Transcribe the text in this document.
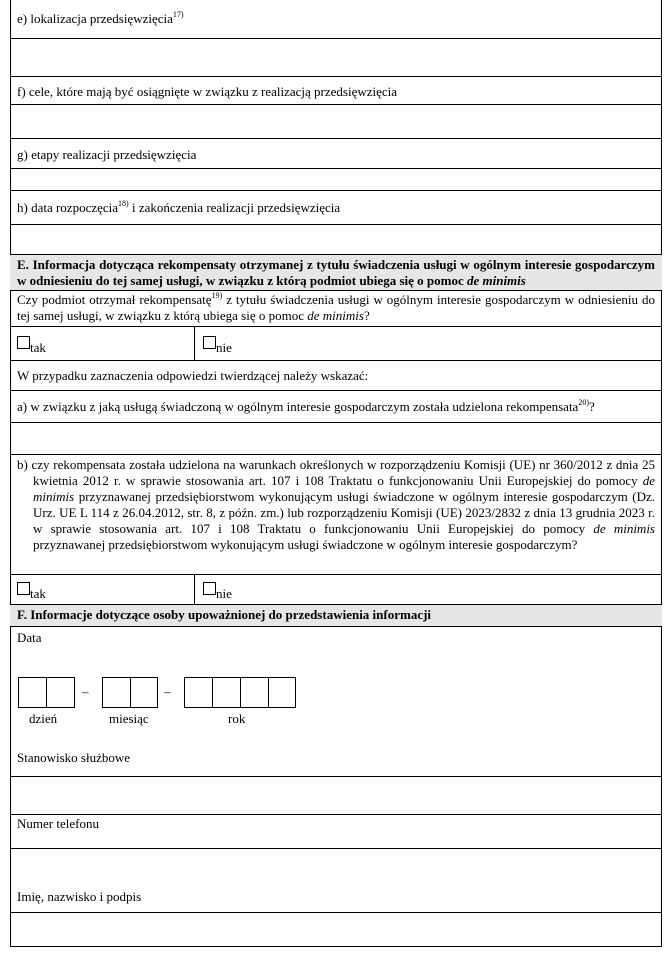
e) lokalizacja przedsięwzięcia$^{17)}$
f) cele, które mają być osiągnięte w związku z realizacją przedsięwzięcia
g) etapy realizacji przedsięwzięcia
h) data rozpoczęcia$^{18)}$ i zakończenia realizacji przedsięwzięcia
E. Informacja dotycząca rekompensaty otrzymanej z tytułu świadczenia usługi w ogólnym interesie gospodarczym w odniesieniu do tej samej usługi, w związku z którą podmiot ubiega się o pomoc de minimis
Czy podmiot otrzymał rekompensatę$^{19)}$ z tytułu świadczenia usługi w ogólnym interesie gospodarczym w odniesieniu do tej samej usługi, w związku z którą ubiega się o pomoc de minimis?
tak	nie
W przypadku zaznaczenia odpowiedzi twierdzącej należy wskazać:
a) w związku z jaką usługą świadczoną w ogólnym interesie gospodarczym została udzielona rekompensata$^{20)}$?
b) czy rekompensata została udzielona na warunkach określonych w rozporządzeniu Komisji (UE) nr 360/2012 z dnia 25 kwietnia 2012 r. w sprawie stosowania art. 107 i 108 Traktatu o funkcjonowaniu Unii Europejskiej do pomocy de minimis przyznawanej przedsiębiorstwom wykonującym usługi świadczone w ogólnym interesie gospodarczym (Dz. Urz. UE L 114 z 26.04.2012, str. 8, z późn. zm.) lub rozporządzeniu Komisji (UE) 2023/2832 z dnia 13 grudnia 2023 r. w sprawie stosowania art. 107 i 108 Traktatu o funkcjonowaniu Unii Europejskiej do pomocy de minimis przyznawanej przedsiębiorstwom wykonującym usługi świadczone w ogólnym interesie gospodarczym?
tak	nie
F. Informacje dotyczące osoby upoważnionej do przedstawienia informacji
Data
–	–
dzień	miesiąc	rok
Stanowisko służbowe
Numer telefonu
Imię, nazwisko i podpis
